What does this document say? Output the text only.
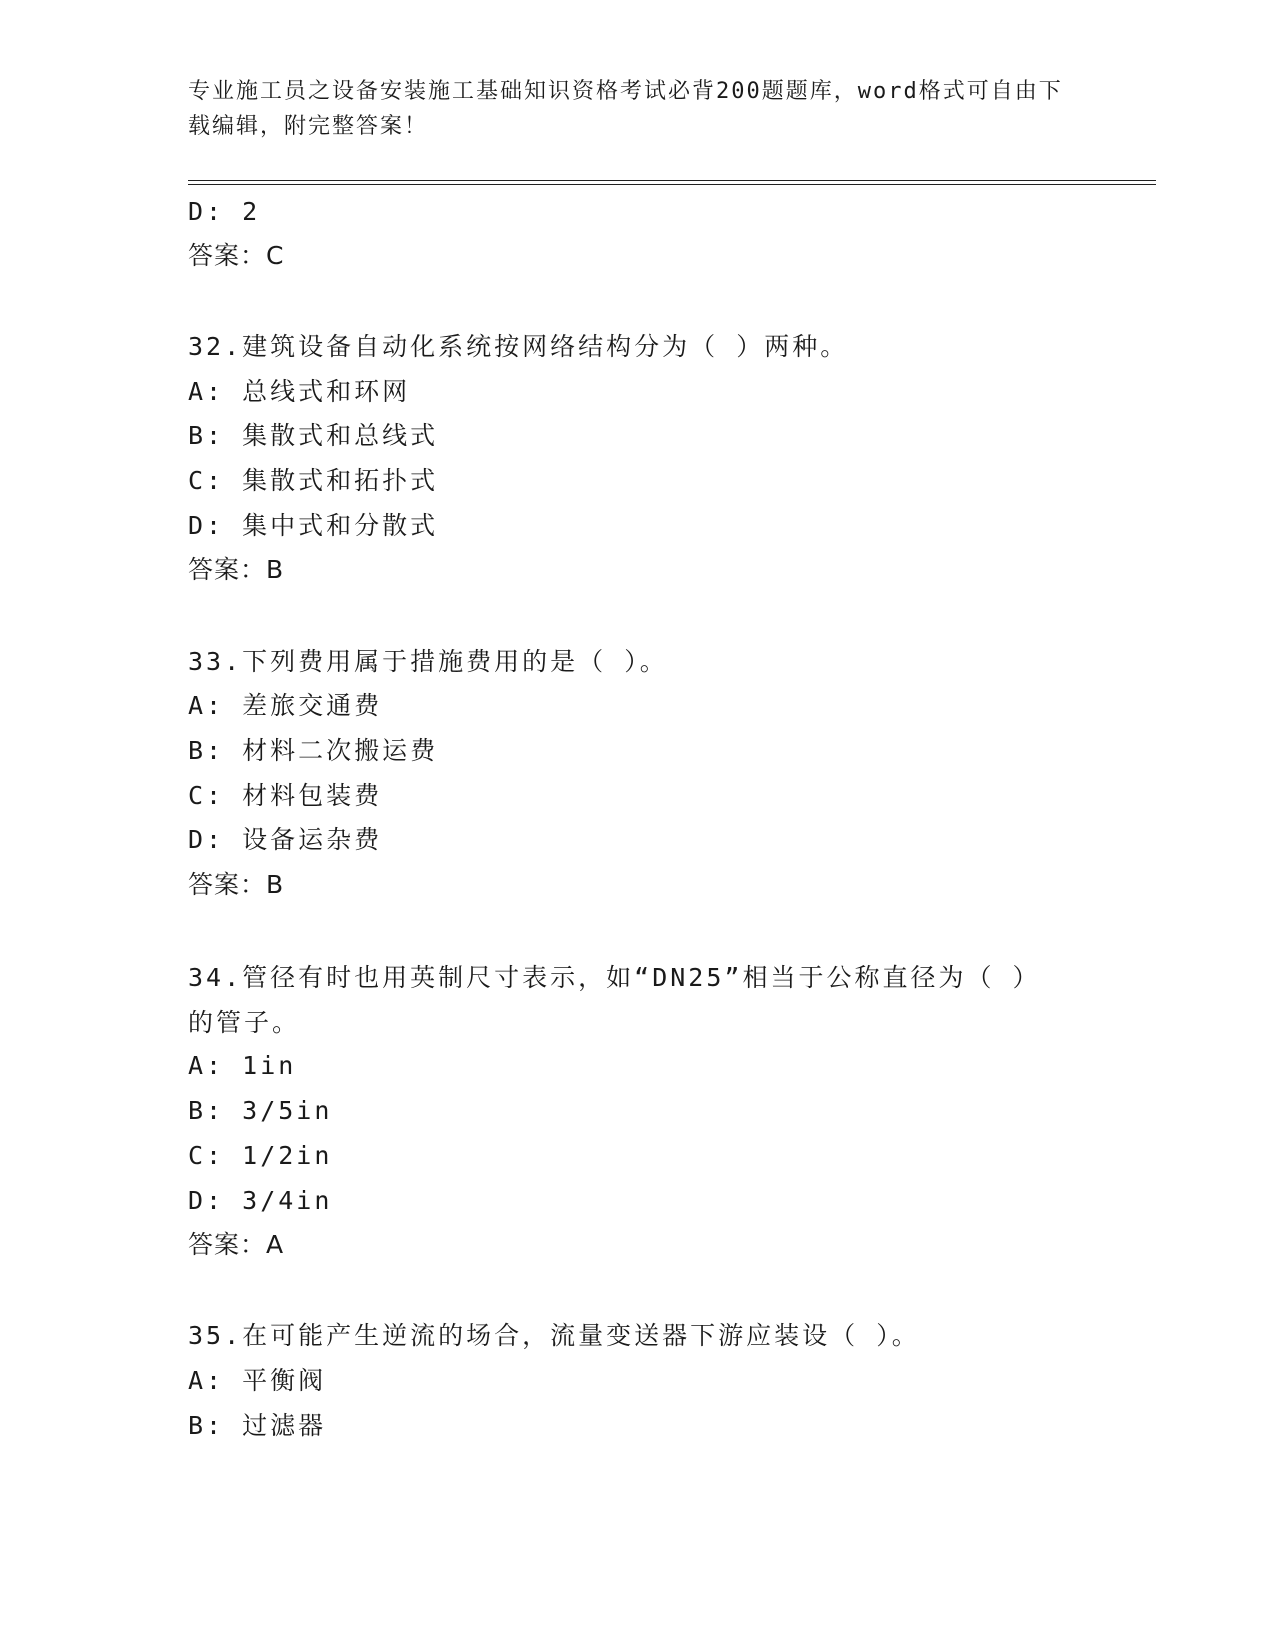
专业施工员之设备安装施工基础知识资格考试必背200题题库，word格式可自由下载编辑，附完整答案！
D: 2
答案：C
32.建筑设备自动化系统按网络结构分为（ ）两种。
A: 总线式和环网
B: 集散式和总线式
C: 集散式和拓扑式
D: 集中式和分散式
答案：B
33.下列费用属于措施费用的是（ ）。
A: 差旅交通费
B: 材料二次搬运费
C: 材料包装费
D: 设备运杂费
答案：B
34.管径有时也用英制尺寸表示，如“DN25”相当于公称直径为（ ）的管子。
A: 1in
B: 3/5in
C: 1/2in
D: 3/4in
答案：A
35.在可能产生逆流的场合，流量变送器下游应装设（ ）。
A: 平衡阀
B: 过滤器
